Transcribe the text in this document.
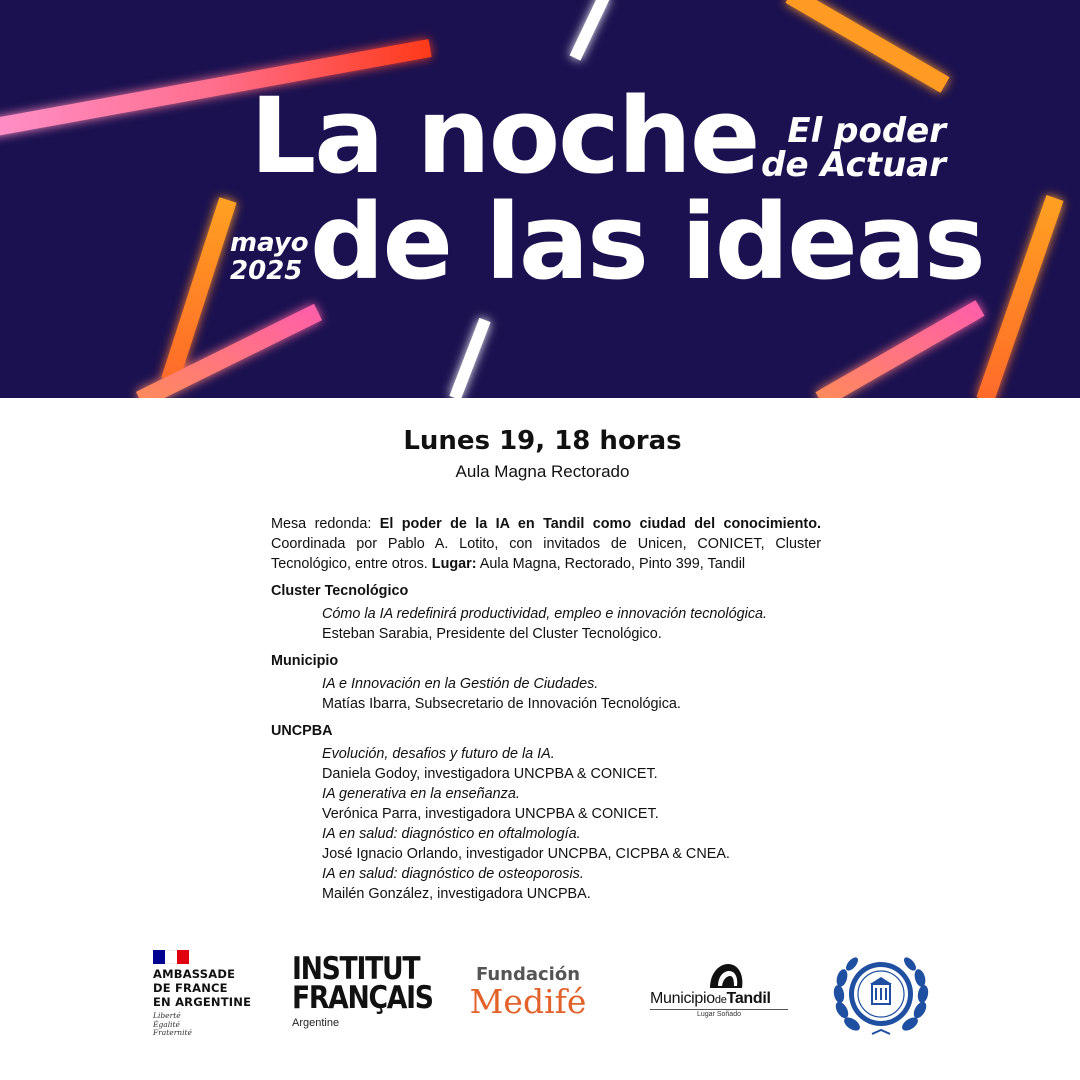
La noche
de las ideas
El poder
de Actuar
mayo
2025
Lunes 19, 18 horas
Aula Magna Rectorado

Mesa redonda: El poder de la IA en Tandil como ciudad del conocimiento. Coordinada por Pablo A. Lotito, con invitados de Unicen, CONICET, Cluster Tecnológico, entre otros. Lugar: Aula Magna, Rectorado, Pinto 399, Tandil

Cluster Tecnológico
Cómo la IA redefinirá productividad, empleo e innovación tecnológica.
Esteban Sarabia, Presidente del Cluster Tecnológico.
Municipio
IA e Innovación en la Gestión de Ciudades.
Matías Ibarra, Subsecretario de Innovación Tecnológica.
UNCPBA
Evolución, desafios y futuro de la IA.
Daniela Godoy, investigadora UNCPBA & CONICET.
IA generativa en la enseñanza.
Verónica Parra, investigadora UNCPBA & CONICET.
IA en salud: diagnóstico en oftalmología.
José Ignacio Orlando, investigador UNCPBA, CICPBA & CNEA.
IA en salud: diagnóstico de osteoporosis.
Mailén González, investigadora UNCPBA.
AMBASSADE
DE FRANCE
EN ARGENTINE
Liberté
Égalité
Fraternité
INSTITUT
FRANÇAIS
Argentine
Fundación
Medifé	MunicipiodeTandil
Lugar Soñado
